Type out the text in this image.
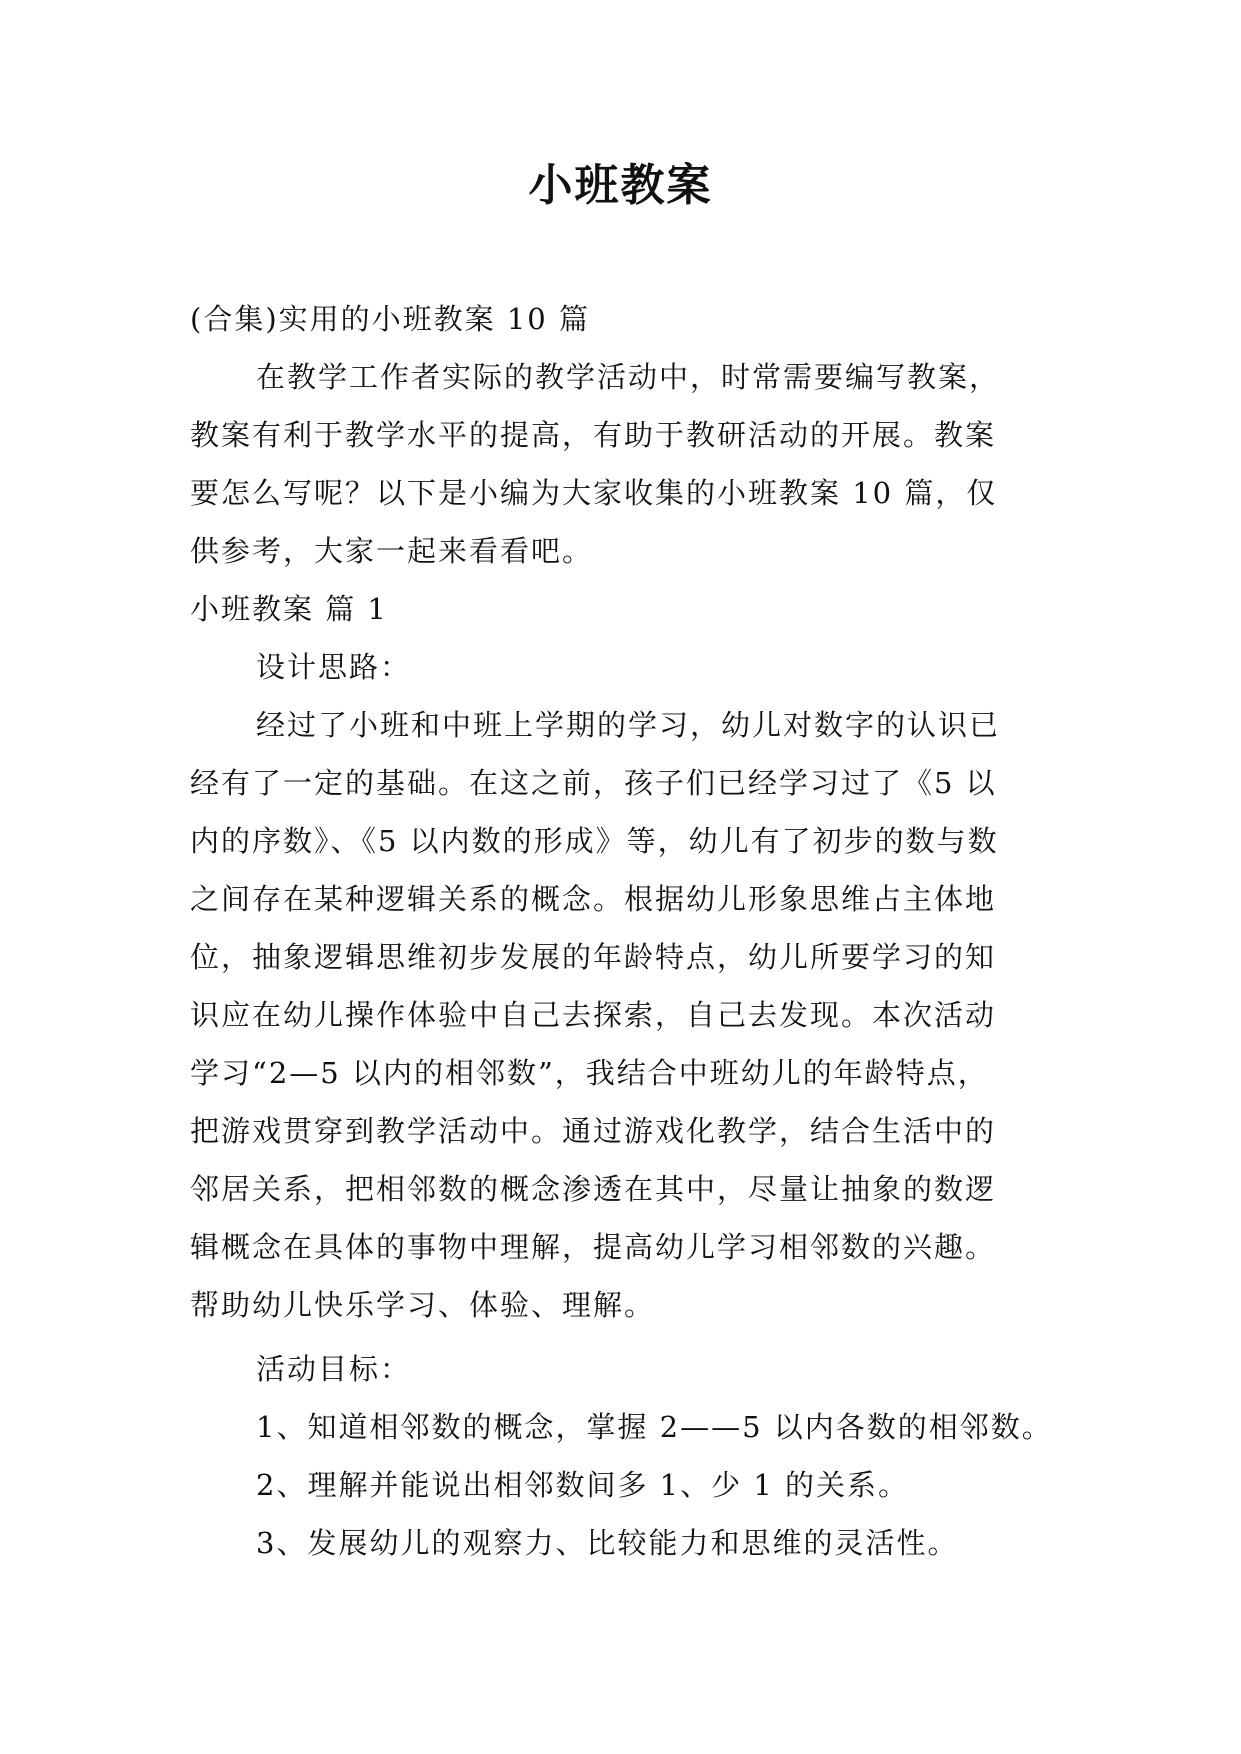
小班教案

(合集)实用的小班教案 10 篇

在教学工作者实际的教学活动中，时常需要编写教案，

教案有利于教学水平的提高，有助于教研活动的开展。教案

要怎么写呢？以下是小编为大家收集的小班教案 10 篇，仅

供参考，大家一起来看看吧。

小班教案 篇 1

设计思路：

经过了小班和中班上学期的学习，幼儿对数字的认识已

经有了一定的基础。在这之前，孩子们已经学习过了《5 以

内的序数》、《5 以内数的形成》等，幼儿有了初步的数与数

之间存在某种逻辑关系的概念。根据幼儿形象思维占主体地

位，抽象逻辑思维初步发展的年龄特点，幼儿所要学习的知

识应在幼儿操作体验中自己去探索，自己去发现。本次活动

学习“2—5 以内的相邻数”，我结合中班幼儿的年龄特点，

把游戏贯穿到教学活动中。通过游戏化教学，结合生活中的

邻居关系，把相邻数的概念渗透在其中，尽量让抽象的数逻

辑概念在具体的事物中理解，提高幼儿学习相邻数的兴趣。

帮助幼儿快乐学习、体验、理解。

活动目标：

1、知道相邻数的概念，掌握 2——5 以内各数的相邻数。

2、理解并能说出相邻数间多 1、少 1 的关系。

3、发展幼儿的观察力、比较能力和思维的灵活性。
